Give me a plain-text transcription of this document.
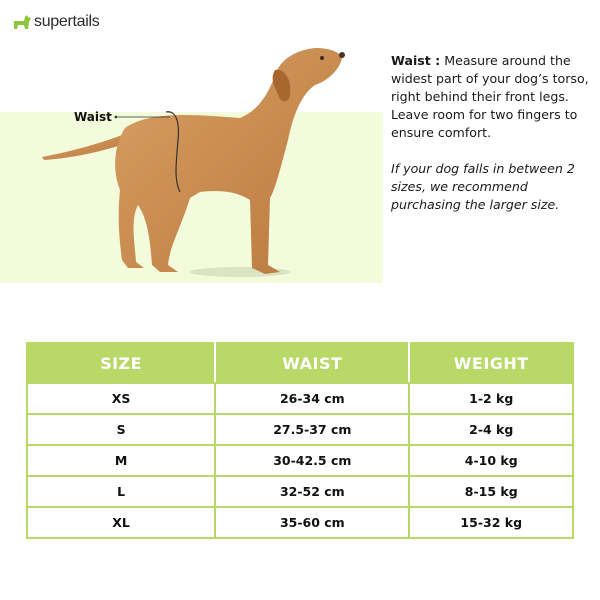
supertails
Waist
Waist : Measure around the widest part of your dog’s torso, right behind their front legs. Leave room for two fingers to ensure comfort.
If your dog falls in between 2 sizes, we recommend purchasing the larger size.
SIZE	WAIST	WEIGHT
XS	26-34 cm	1-2 kg
S	27.5-37 cm	2-4 kg
M	30-42.5 cm	4-10 kg
L	32-52 cm	8-15 kg
XL	35-60 cm	15-32 kg
